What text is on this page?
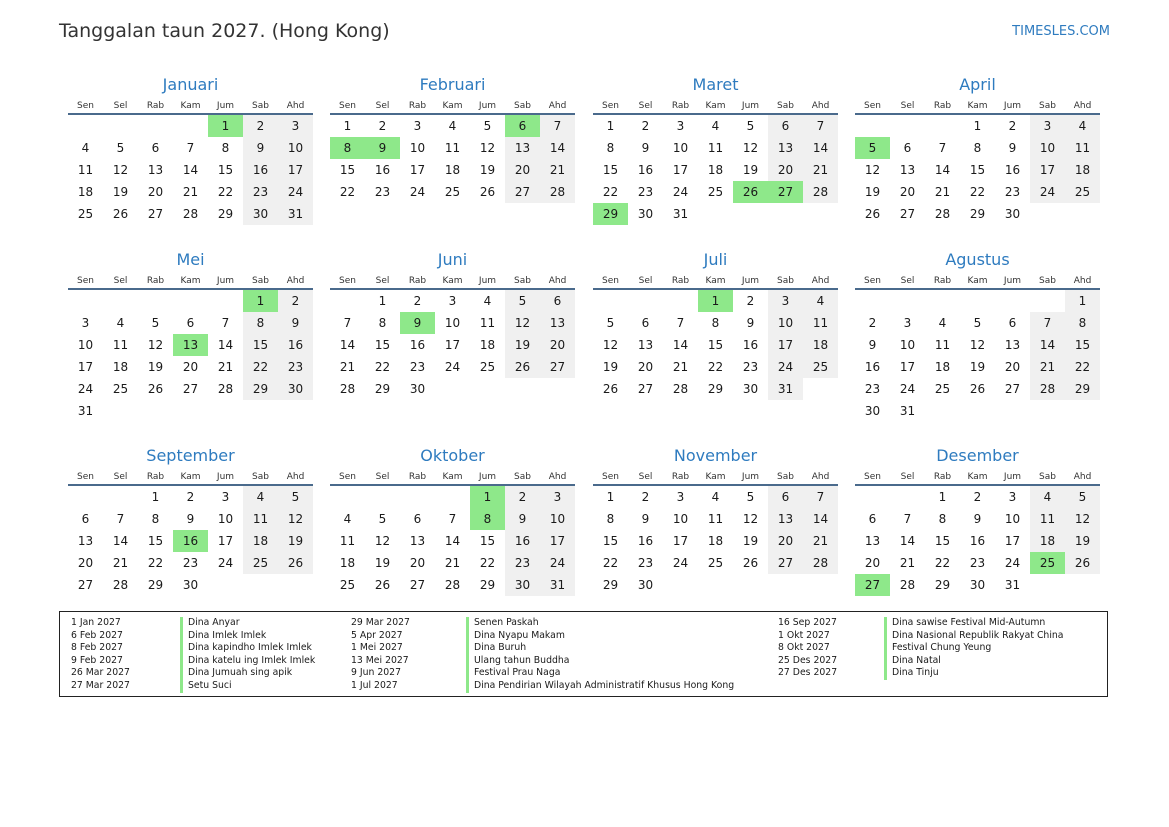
Tanggalan taun 2027. (Hong Kong)	TIMESLES.COM
Januari
Sen	Sel	Rab	Kam	Jum	Sab	Ahd
				1	2	3
4	5	6	7	8	9	10
11	12	13	14	15	16	17
18	19	20	21	22	23	24
25	26	27	28	29	30	31
Februari
Sen	Sel	Rab	Kam	Jum	Sab	Ahd
1	2	3	4	5	6	7
8	9	10	11	12	13	14
15	16	17	18	19	20	21
22	23	24	25	26	27	28
Maret
Sen	Sel	Rab	Kam	Jum	Sab	Ahd
1	2	3	4	5	6	7
8	9	10	11	12	13	14
15	16	17	18	19	20	21
22	23	24	25	26	27	28
29	30	31				
April
Sen	Sel	Rab	Kam	Jum	Sab	Ahd
			1	2	3	4
5	6	7	8	9	10	11
12	13	14	15	16	17	18
19	20	21	22	23	24	25
26	27	28	29	30		
Mei
Sen	Sel	Rab	Kam	Jum	Sab	Ahd
					1	2
3	4	5	6	7	8	9
10	11	12	13	14	15	16
17	18	19	20	21	22	23
24	25	26	27	28	29	30
31						
Juni
Sen	Sel	Rab	Kam	Jum	Sab	Ahd
	1	2	3	4	5	6
7	8	9	10	11	12	13
14	15	16	17	18	19	20
21	22	23	24	25	26	27
28	29	30				
Juli
Sen	Sel	Rab	Kam	Jum	Sab	Ahd
			1	2	3	4
5	6	7	8	9	10	11
12	13	14	15	16	17	18
19	20	21	22	23	24	25
26	27	28	29	30	31	
Agustus
Sen	Sel	Rab	Kam	Jum	Sab	Ahd
						1
2	3	4	5	6	7	8
9	10	11	12	13	14	15
16	17	18	19	20	21	22
23	24	25	26	27	28	29
30	31					
September
Sen	Sel	Rab	Kam	Jum	Sab	Ahd
		1	2	3	4	5
6	7	8	9	10	11	12
13	14	15	16	17	18	19
20	21	22	23	24	25	26
27	28	29	30			
Oktober
Sen	Sel	Rab	Kam	Jum	Sab	Ahd
				1	2	3
4	5	6	7	8	9	10
11	12	13	14	15	16	17
18	19	20	21	22	23	24
25	26	27	28	29	30	31
November
Sen	Sel	Rab	Kam	Jum	Sab	Ahd
1	2	3	4	5	6	7
8	9	10	11	12	13	14
15	16	17	18	19	20	21
22	23	24	25	26	27	28
29	30					
Desember
Sen	Sel	Rab	Kam	Jum	Sab	Ahd
		1	2	3	4	5
6	7	8	9	10	11	12
13	14	15	16	17	18	19
20	21	22	23	24	25	26
27	28	29	30	31		
1 Jan 2027	Dina Anyar
6 Feb 2027	Dina Imlek Imlek
8 Feb 2027	Dina kapindho Imlek Imlek
9 Feb 2027	Dina katelu ing Imlek Imlek
26 Mar 2027	Dina Jumuah sing apik
27 Mar 2027	Setu Suci
29 Mar 2027	Senen Paskah
5 Apr 2027	Dina Nyapu Makam
1 Mei 2027	Dina Buruh
13 Mei 2027	Ulang tahun Buddha
9 Jun 2027	Festival Prau Naga
1 Jul 2027	Dina Pendirian Wilayah Administratif Khusus Hong Kong
16 Sep 2027	Dina sawise Festival Mid-Autumn
1 Okt 2027	Dina Nasional Republik Rakyat China
8 Okt 2027	Festival Chung Yeung
25 Des 2027	Dina Natal
27 Des 2027	Dina Tinju
